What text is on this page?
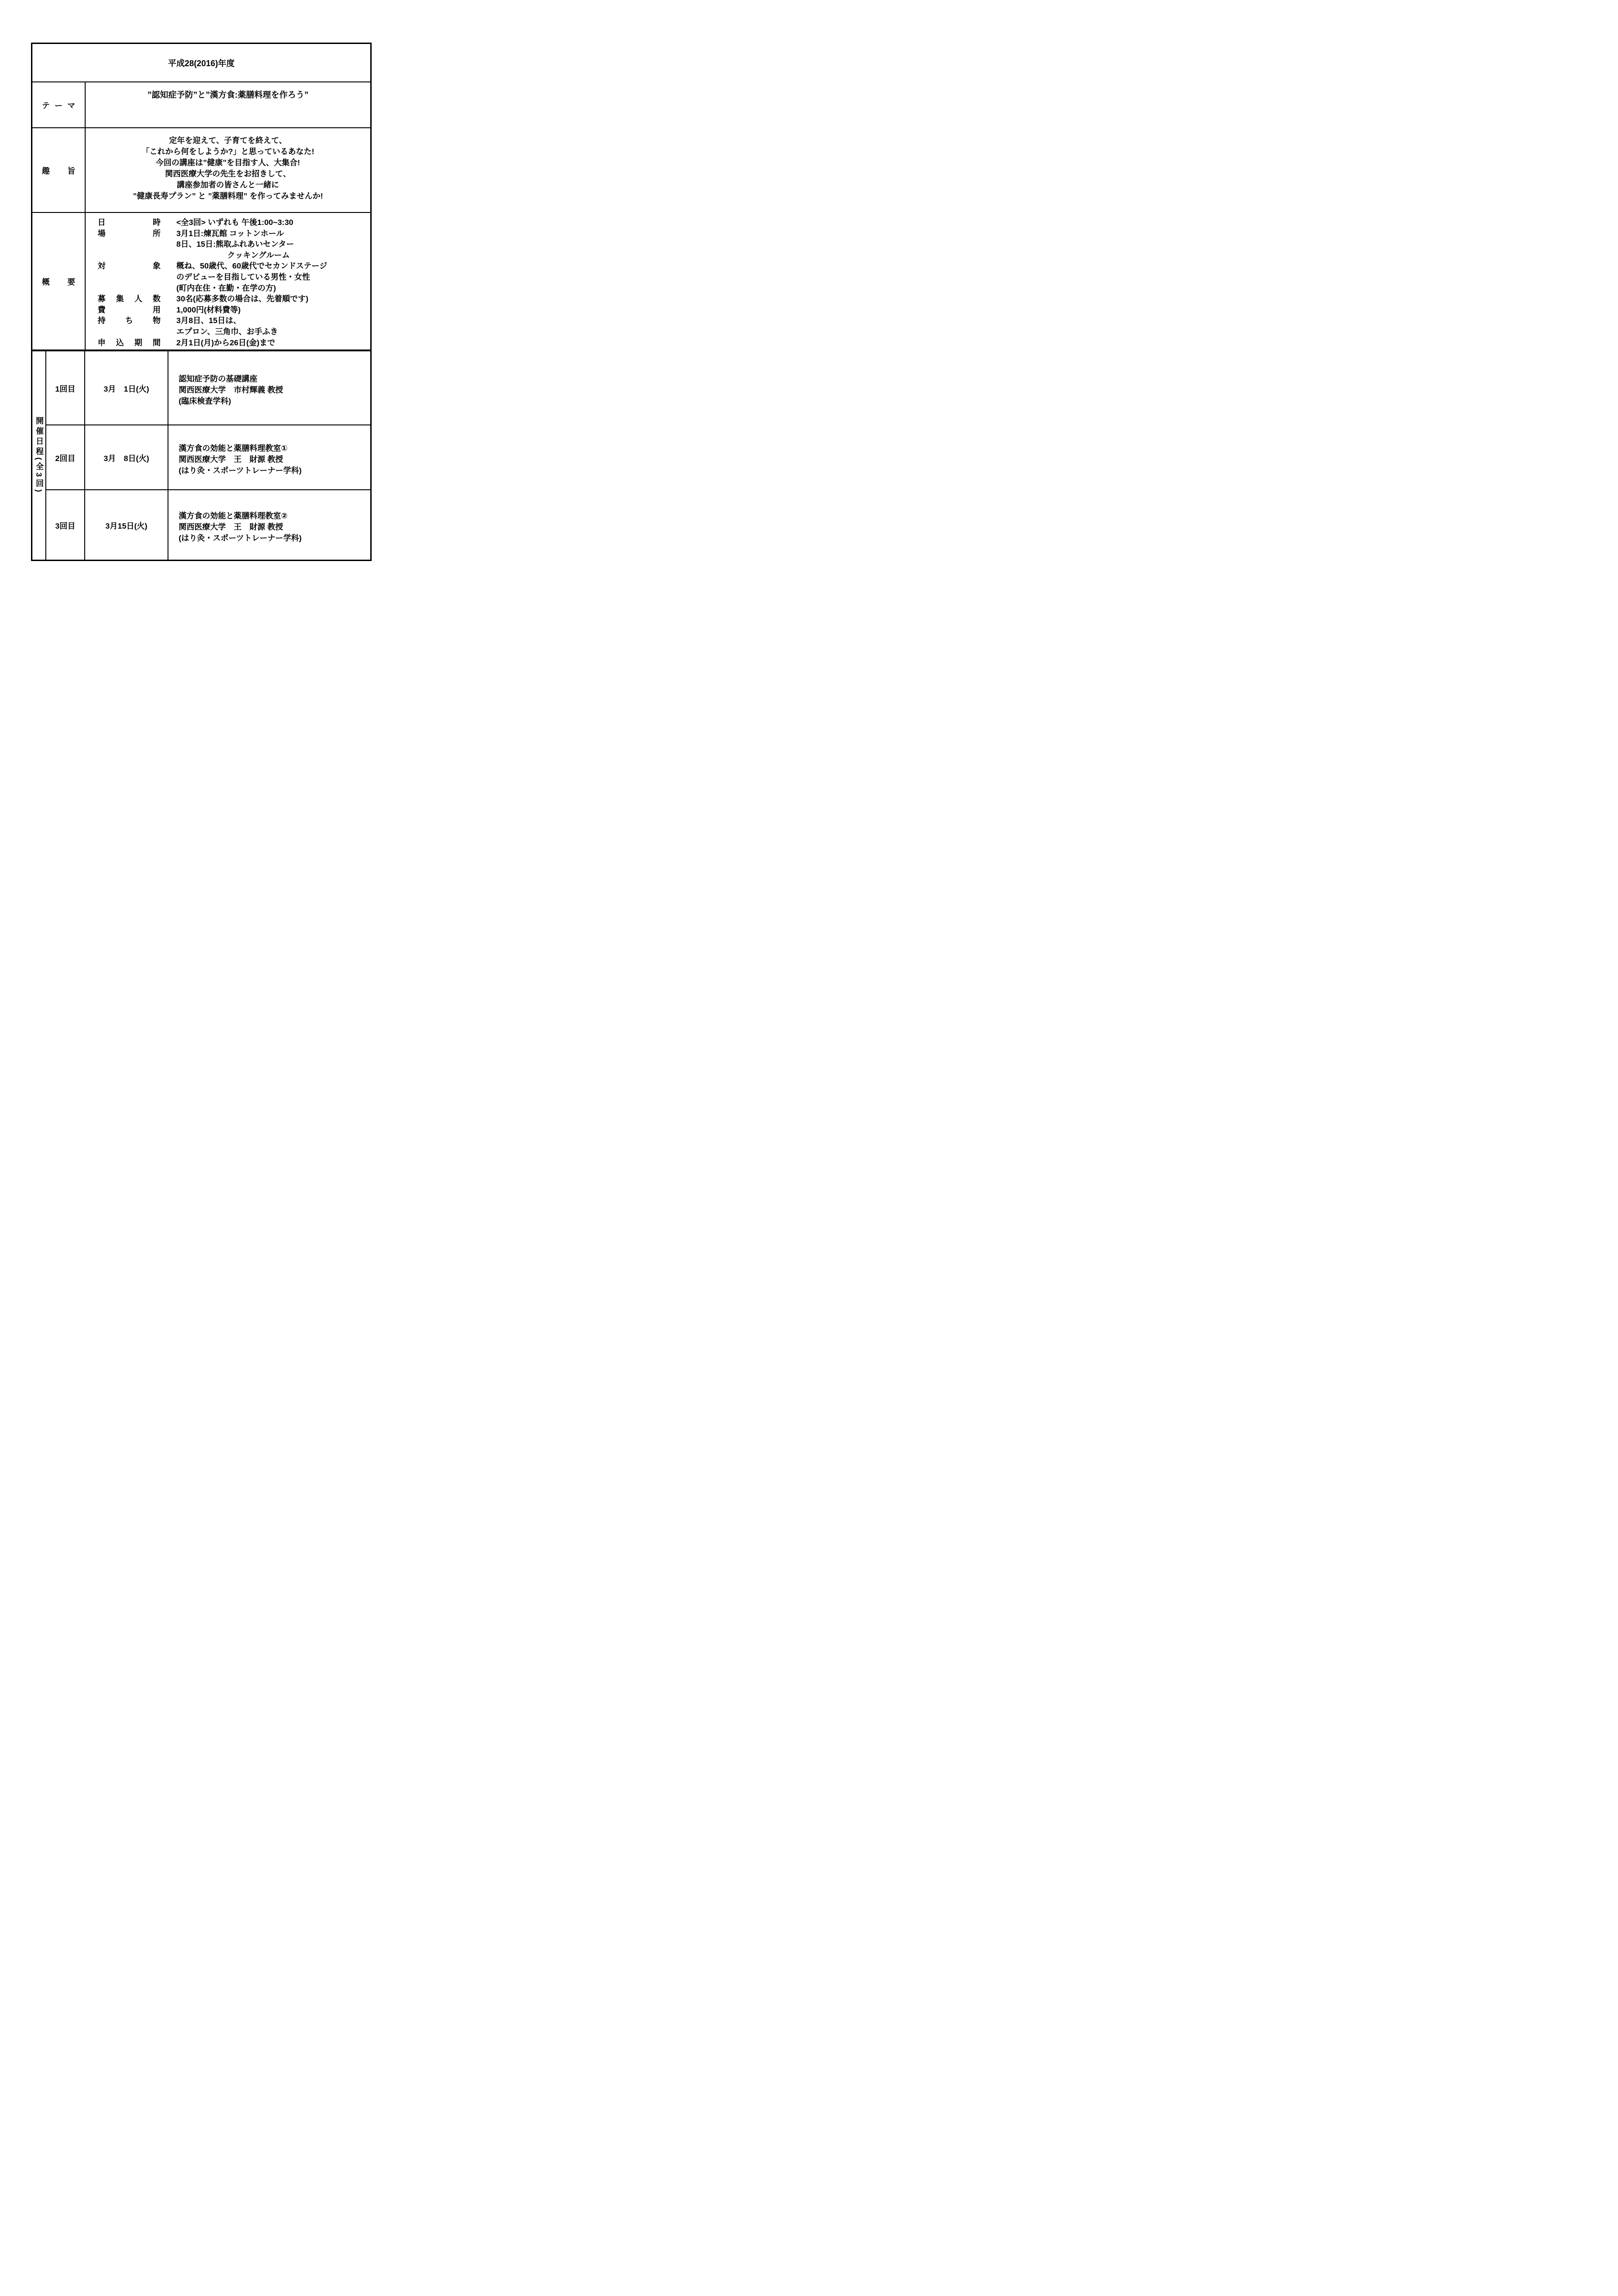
平成28(2016)年度
テーマ
”認知症予防”と”漢方食:薬膳料理を作ろう”
趣旨
定年を迎えて、子育てを終えて、
「これから何をしようか?」と思っているあなた!
今回の講座は”健康”を目指す人、大集合!
関西医療大学の先生をお招きして、
講座参加者の皆さんと一緒に
”健康長寿プラン” と ”薬膳料理” を作ってみませんか!
概要
日時 <全3回> いずれも 午後1:00~3:30
場所 3月1日:煉瓦館 コットンホール
8日、15日:熊取ふれあいセンター
クッキングルーム
対象 概ね、50歳代、60歳代でセカンドステージ
のデビューを目指している男性・女性
(町内在住・在勤・在学の方)
募集人数 30名(応募多数の場合は、先着順です)
費用 1,000円(材料費等)
持ち物 3月8日、15日は、
エプロン、三角巾、お手ふき
申込期間 2月1日(月)から26日(金)まで
開催日程(全3回)
1回目	3月　1日(火)
認知症予防の基礎講座
関西医療大学　市村輝義 教授
(臨床検査学科)
2回目	3月　8日(火)
漢方食の効能と薬膳料理教室①
関西医療大学　王　財源 教授
(はり灸・スポーツトレーナー学科)
3回目	3月15日(火)
漢方食の効能と薬膳料理教室②
関西医療大学　王　財源 教授
(はり灸・スポーツトレーナー学科)
